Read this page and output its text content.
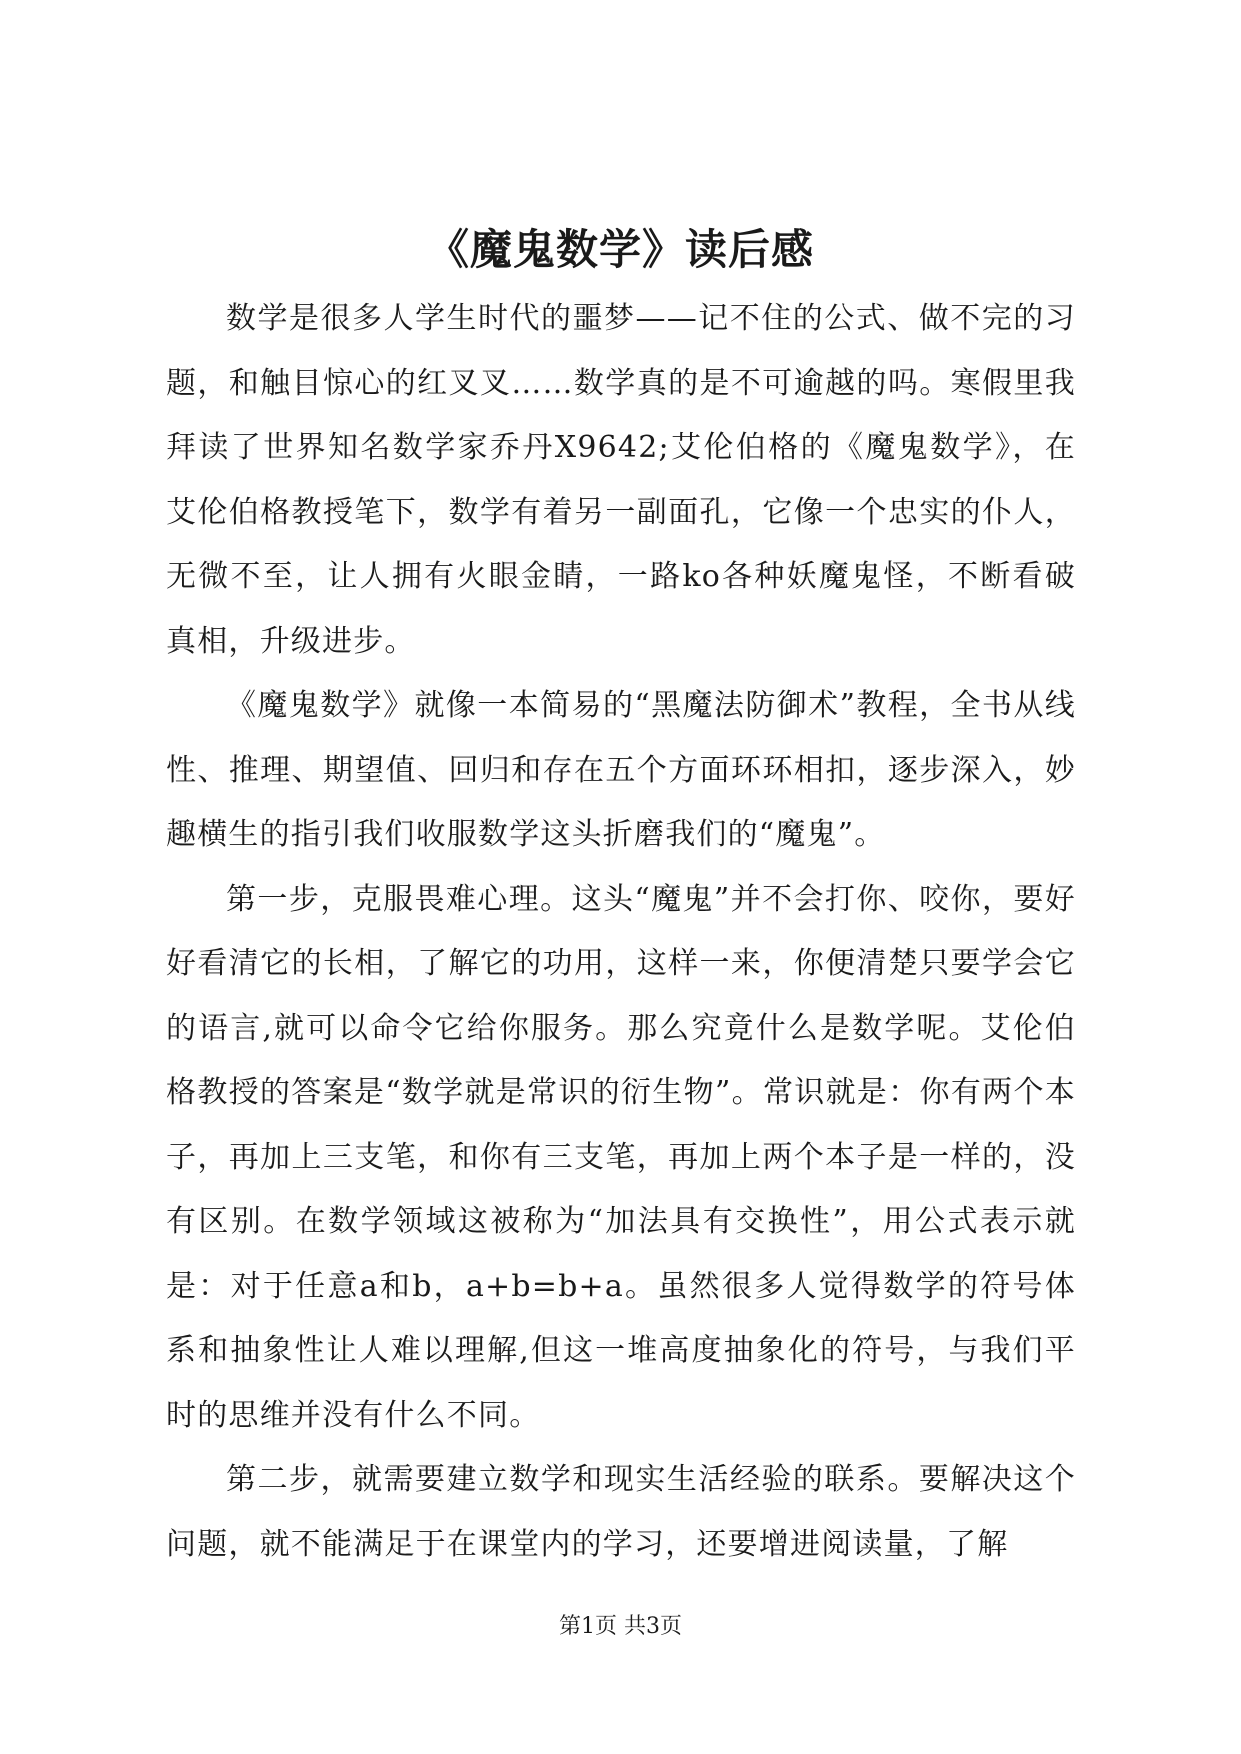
《魔鬼数学》读后感

数学是很多人学生时代的噩梦——记不住的公式、做不完的习题，和触目惊心的红叉叉……数学真的是不可逾越的吗。寒假里我拜读了世界知名数学家乔丹X9642;艾伦伯格的《魔鬼数学》，在艾伦伯格教授笔下，数学有着另一副面孔，它像一个忠实的仆人，无微不至，让人拥有火眼金睛，一路ko各种妖魔鬼怪，不断看破真相，升级进步。

《魔鬼数学》就像一本简易的“黑魔法防御术”教程，全书从线性、推理、期望值、回归和存在五个方面环环相扣，逐步深入，妙趣横生的指引我们收服数学这头折磨我们的“魔鬼”。

第一步，克服畏难心理。这头“魔鬼”并不会打你、咬你，要好好看清它的长相，了解它的功用，这样一来，你便清楚只要学会它的语言,就可以命令它给你服务。那么究竟什么是数学呢。艾伦伯格教授的答案是“数学就是常识的衍生物”。常识就是：你有两个本子，再加上三支笔，和你有三支笔，再加上两个本子是一样的，没有区别。在数学领域这被称为“加法具有交换性”，用公式表示就是：对于任意a和b，a+b=b+a。虽然很多人觉得数学的符号体系和抽象性让人难以理解,但这一堆高度抽象化的符号，与我们平时的思维并没有什么不同。

第二步，就需要建立数学和现实生活经验的联系。要解决这个问题，就不能满足于在课堂内的学习，还要增进阅读量，了解

第1页 共3页
